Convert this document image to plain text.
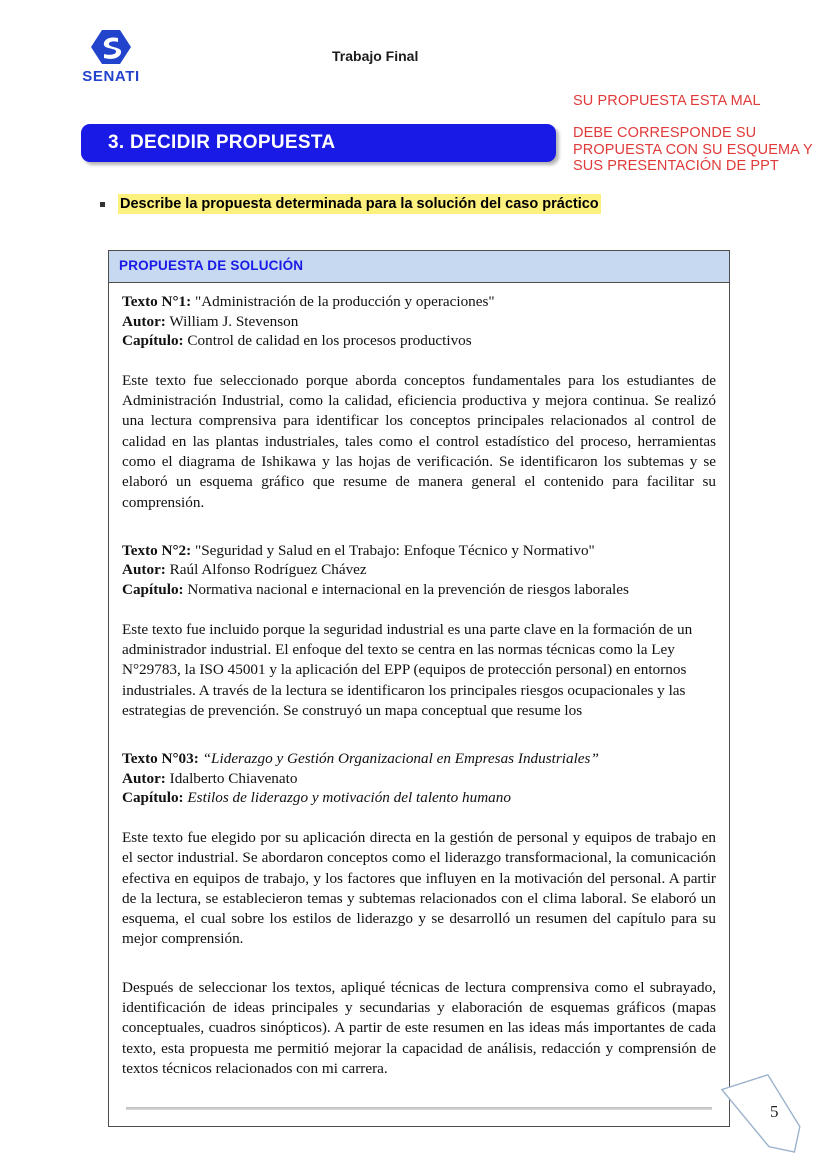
SENATI
Trabajo Final
SU PROPUESTA ESTA MAL
DEBE CORRESPONDE SU PROPUESTA CON SU ESQUEMA Y SUS PRESENTACIÓN DE PPT
3. DECIDIR PROPUESTA
Describe la propuesta determinada para la solución del caso práctico
PROPUESTA DE SOLUCIÓN
Texto N°1: "Administración de la producción y operaciones"
Autor: William J. Stevenson
Capítulo: Control de calidad en los procesos productivos

Este texto fue seleccionado porque aborda conceptos fundamentales para los estudiantes de Administración Industrial, como la calidad, eficiencia productiva y mejora continua. Se realizó una lectura comprensiva para identificar los conceptos principales relacionados al control de calidad en las plantas industriales, tales como el control estadístico del proceso, herramientas como el diagrama de Ishikawa y las hojas de verificación. Se identificaron los subtemas y se elaboró un esquema gráfico que resume de manera general el contenido para facilitar su comprensión.

Texto N°2: "Seguridad y Salud en el Trabajo: Enfoque Técnico y Normativo"
Autor: Raúl Alfonso Rodríguez Chávez
Capítulo: Normativa nacional e internacional en la prevención de riesgos laborales

Este texto fue incluido porque la seguridad industrial es una parte clave en la formación de un administrador industrial. El enfoque del texto se centra en las normas técnicas como la Ley N°29783, la ISO 45001 y la aplicación del EPP (equipos de protección personal) en entornos industriales. A través de la lectura se identificaron los principales riesgos ocupacionales y las estrategias de prevención. Se construyó un mapa conceptual que resume los

Texto N°03: “Liderazgo y Gestión Organizacional en Empresas Industriales”
Autor: Idalberto Chiavenato
Capítulo: Estilos de liderazgo y motivación del talento humano

Este texto fue elegido por su aplicación directa en la gestión de personal y equipos de trabajo en el sector industrial. Se abordaron conceptos como el liderazgo transformacional, la comunicación efectiva en equipos de trabajo, y los factores que influyen en la motivación del personal. A partir de la lectura, se establecieron temas y subtemas relacionados con el clima laboral. Se elaboró un esquema, el cual sobre los estilos de liderazgo y se desarrolló un resumen del capítulo para su mejor comprensión.

Después de seleccionar los textos, apliqué técnicas de lectura comprensiva como el subrayado, identificación de ideas principales y secundarias y elaboración de esquemas gráficos (mapas conceptuales, cuadros sinópticos). A partir de este resumen en las ideas más importantes de cada texto, esta propuesta me permitió mejorar la capacidad de análisis, redacción y comprensión de textos técnicos relacionados con mi carrera.

5
